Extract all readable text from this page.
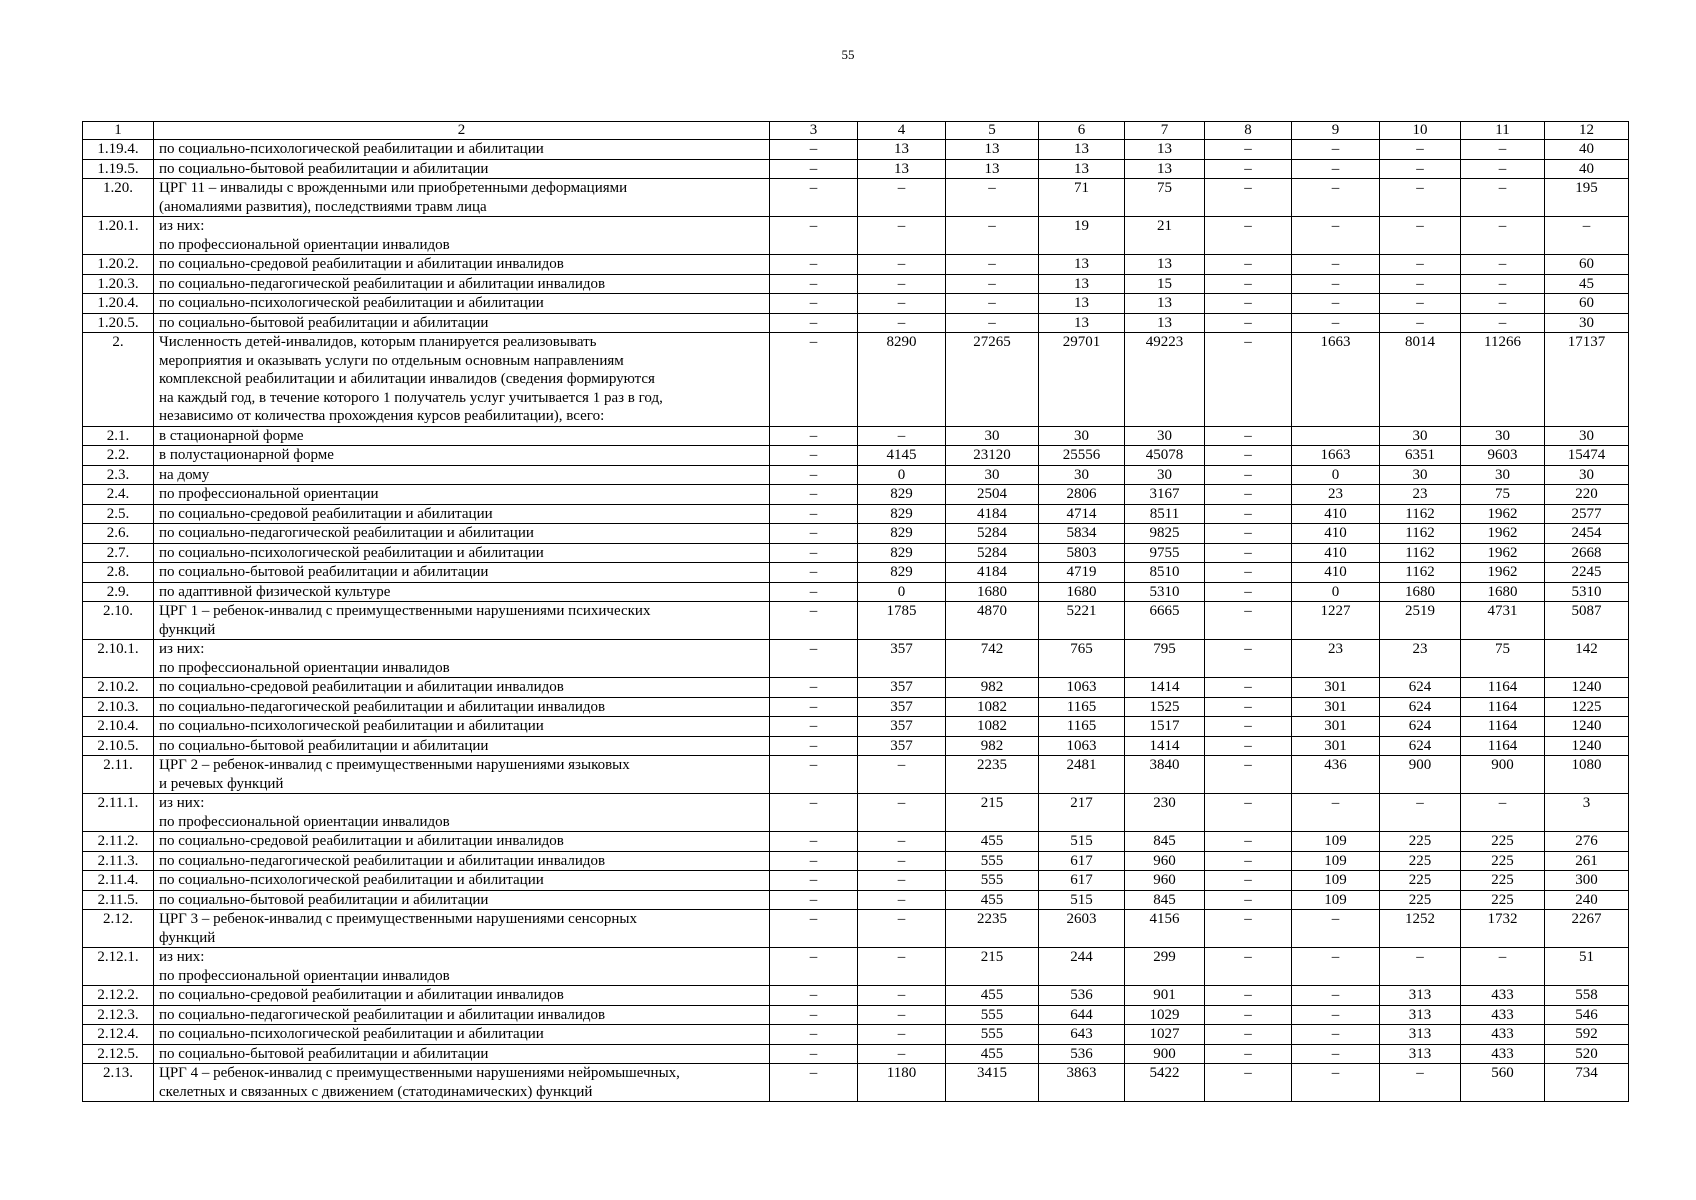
55
1	2	3	4	5	6	7	8	9	10	11	12
1.19.4.	по социально-психологической реабилитации и абилитации	–	13	13	13	13	–	–	–	–	40
1.19.5.	по социально-бытовой реабилитации и абилитации	–	13	13	13	13	–	–	–	–	40
1.20.	ЦРГ 11 – инвалиды с врожденными или приобретенными деформациями
(аномалиями развития), последствиями травм лица	–	–	–	71	75	–	–	–	–	195
1.20.1.	из них:
по профессиональной ориентации инвалидов	–	–	–	19	21	–	–	–	–	–
1.20.2.	по социально-средовой реабилитации и абилитации инвалидов	–	–	–	13	13	–	–	–	–	60
1.20.3.	по социально-педагогической реабилитации и абилитации инвалидов	–	–	–	13	15	–	–	–	–	45
1.20.4.	по социально-психологической реабилитации и абилитации	–	–	–	13	13	–	–	–	–	60
1.20.5.	по социально-бытовой реабилитации и абилитации	–	–	–	13	13	–	–	–	–	30
2.	Численность детей-инвалидов, которым планируется реализовывать
мероприятия и оказывать услуги по отдельным основным направлениям
комплексной реабилитации и абилитации инвалидов (сведения формируются
на каждый год, в течение которого 1 получатель услуг учитывается 1 раз в год,
независимо от количества прохождения курсов реабилитации), всего:	–	8290	27265	29701	49223	–	1663	8014	11266	17137
2.1.	в стационарной форме	–	–	30	30	30	–		30	30	30
2.2.	в полустационарной форме	–	4145	23120	25556	45078	–	1663	6351	9603	15474
2.3.	на дому	–	0	30	30	30	–	0	30	30	30
2.4.	по профессиональной ориентации	–	829	2504	2806	3167	–	23	23	75	220
2.5.	по социально-средовой реабилитации и абилитации	–	829	4184	4714	8511	–	410	1162	1962	2577
2.6.	по социально-педагогической реабилитации и абилитации	–	829	5284	5834	9825	–	410	1162	1962	2454
2.7.	по социально-психологической реабилитации и абилитации	–	829	5284	5803	9755	–	410	1162	1962	2668
2.8.	по социально-бытовой реабилитации и абилитации	–	829	4184	4719	8510	–	410	1162	1962	2245
2.9.	по адаптивной физической культуре	–	0	1680	1680	5310	–	0	1680	1680	5310
2.10.	ЦРГ 1 – ребенок-инвалид с преимущественными нарушениями психических
функций	–	1785	4870	5221	6665	–	1227	2519	4731	5087
2.10.1.	из них:
по профессиональной ориентации инвалидов	–	357	742	765	795	–	23	23	75	142
2.10.2.	по социально-средовой реабилитации и абилитации инвалидов	–	357	982	1063	1414	–	301	624	1164	1240
2.10.3.	по социально-педагогической реабилитации и абилитации инвалидов	–	357	1082	1165	1525	–	301	624	1164	1225
2.10.4.	по социально-психологической реабилитации и абилитации	–	357	1082	1165	1517	–	301	624	1164	1240
2.10.5.	по социально-бытовой реабилитации и абилитации	–	357	982	1063	1414	–	301	624	1164	1240
2.11.	ЦРГ 2 – ребенок-инвалид с преимущественными нарушениями языковых
и речевых функций	–	–	2235	2481	3840	–	436	900	900	1080
2.11.1.	из них:
по профессиональной ориентации инвалидов	–	–	215	217	230	–	–	–	–	3
2.11.2.	по социально-средовой реабилитации и абилитации инвалидов	–	–	455	515	845	–	109	225	225	276
2.11.3.	по социально-педагогической реабилитации и абилитации инвалидов	–	–	555	617	960	–	109	225	225	261
2.11.4.	по социально-психологической реабилитации и абилитации	–	–	555	617	960	–	109	225	225	300
2.11.5.	по социально-бытовой реабилитации и абилитации	–	–	455	515	845	–	109	225	225	240
2.12.	ЦРГ 3 – ребенок-инвалид с преимущественными нарушениями сенсорных
функций	–	–	2235	2603	4156	–	–	1252	1732	2267
2.12.1.	из них:
по профессиональной ориентации инвалидов	–	–	215	244	299	–	–	–	–	51
2.12.2.	по социально-средовой реабилитации и абилитации инвалидов	–	–	455	536	901	–	–	313	433	558
2.12.3.	по социально-педагогической реабилитации и абилитации инвалидов	–	–	555	644	1029	–	–	313	433	546
2.12.4.	по социально-психологической реабилитации и абилитации	–	–	555	643	1027	–	–	313	433	592
2.12.5.	по социально-бытовой реабилитации и абилитации	–	–	455	536	900	–	–	313	433	520
2.13.	ЦРГ 4 – ребенок-инвалид с преимущественными нарушениями нейромышечных,
скелетных и связанных с движением (статодинамических) функций	–	1180	3415	3863	5422	–	–	–	560	734
